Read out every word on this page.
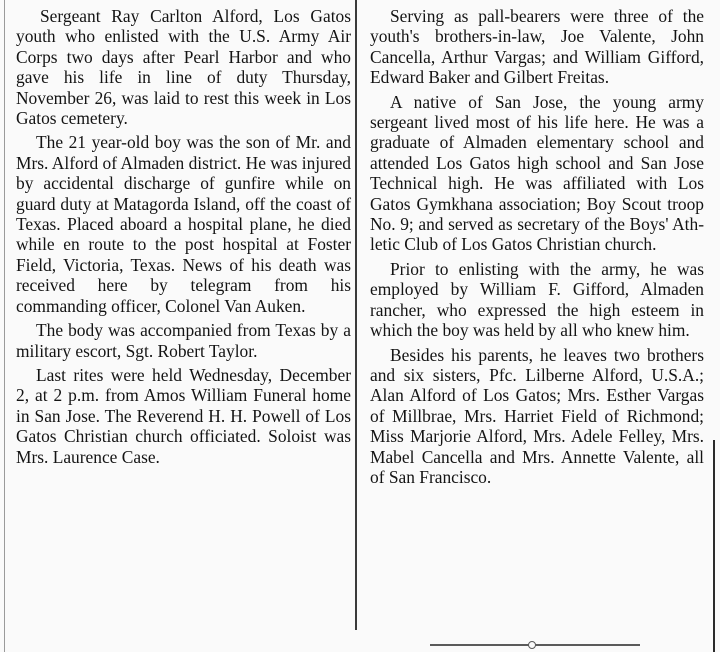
Sergeant Ray Carlton Alford, Los Gatos youth who enlisted with the U.S. Army Air Corps two days after Pearl Harbor and who gave his life in line of duty Thursday, November 26, was laid to rest this week in Los Gatos cemetery.

The 21 year-old boy was the son of Mr. and Mrs. Alford of Almaden district. He was injured by accidental discharge of gunfire while on guard duty at Matagorda Island, off the coast of Texas. Placed aboard a hospital plane, he died while en route to the post hospital at Foster Field, Victoria, Texas. News of his death was received here by telegram from his commanding officer, Colonel Van Auken.

The body was accompanied from Texas by a military escort, Sgt. Robert Taylor.

Last rites were held Wednesday, December 2, at 2 p.m. from Amos William Funeral home in San Jose. The Reverend H. H. Powell of Los Gatos Christian church officiated. Soloist was Mrs. Laurence Case.

Serving as pall-bearers were three of the youth's brothers-in-law, Joe Valente, John Cancella, Arthur Vargas; and William Gifford, Edward Baker and Gilbert Freitas.

A native of San Jose, the young army sergeant lived most of his life here. He was a graduate of Almaden elementary school and attended Los Gatos high school and San Jose Technical high. He was affiliated with Los Gatos Gymkhana association; Boy Scout troop No. 9; and served as secretary of the Boys' Athletic Club of Los Gatos Christian church.

Prior to enlisting with the army, he was employed by William F. Gifford, Almaden rancher, who expressed the high esteem in which the boy was held by all who knew him.

Besides his parents, he leaves two brothers and six sisters, Pfc. Lilberne Alford, U.S.A.; Alan Alford of Los Gatos; Mrs. Esther Vargas of Millbrae, Mrs. Harriet Field of Richmond; Miss Marjorie Alford, Mrs. Adele Felley, Mrs. Mabel Cancella and Mrs. Annette Valente, all of San Francisco.
